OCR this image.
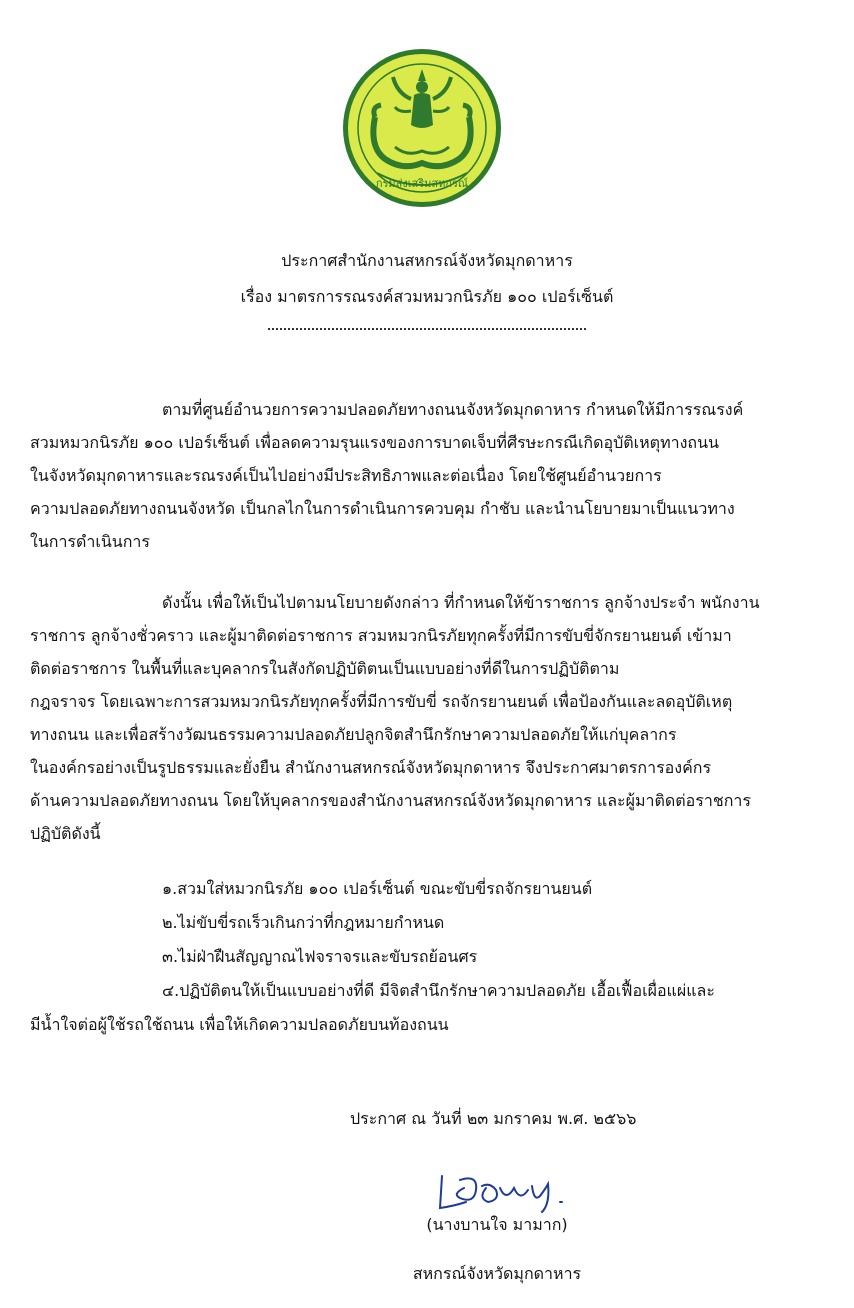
กรมส่งเสริมสหกรณ์
ประกาศสำนักงานสหกรณ์จังหวัดมุกดาหาร
เรื่อง มาตรการรณรงค์สวมหมวกนิรภัย ๑๐๐ เปอร์เซ็นต์
ตามที่ศูนย์อำนวยการความปลอดภัยทางถนนจังหวัดมุกดาหาร กำหนดให้มีการรณรงค์
สวมหมวกนิรภัย ๑๐๐ เปอร์เซ็นต์ เพื่อลดความรุนแรงของการบาดเจ็บที่ศีรษะกรณีเกิดอุบัติเหตุทางถนน
ในจังหวัดมุกดาหารและรณรงค์เป็นไปอย่างมีประสิทธิภาพและต่อเนื่อง โดยใช้ศูนย์อำนวยการ
ความปลอดภัยทางถนนจังหวัด เป็นกลไกในการดำเนินการควบคุม กำชับ และนำนโยบายมาเป็นแนวทาง
ในการดำเนินการ
ดังนั้น เพื่อให้เป็นไปตามนโยบายดังกล่าว ที่กำหนดให้ข้าราชการ ลูกจ้างประจำ พนักงาน
ราชการ ลูกจ้างชั่วคราว และผู้มาติดต่อราชการ สวมหมวกนิรภัยทุกครั้งที่มีการขับขี่จักรยานยนต์ เข้ามา
ติดต่อราชการ ในพื้นที่และบุคลากรในสังกัดปฏิบัติตนเป็นแบบอย่างที่ดีในการปฏิบัติตาม
กฎจราจร โดยเฉพาะการสวมหมวกนิรภัยทุกครั้งที่มีการขับขี่ รถจักรยานยนต์ เพื่อป้องกันและลดอุบัติเหตุ
ทางถนน และเพื่อสร้างวัฒนธรรมความปลอดภัยปลูกจิตสำนึกรักษาความปลอดภัยให้แก่บุคลากร
ในองค์กรอย่างเป็นรูปธรรมและยั่งยืน สำนักงานสหกรณ์จังหวัดมุกดาหาร จึงประกาศมาตรการองค์กร
ด้านความปลอดภัยทางถนน โดยให้บุคลากรของสำนักงานสหกรณ์จังหวัดมุกดาหาร และผู้มาติดต่อราชการ
ปฏิบัติดังนี้
๑.สวมใส่หมวกนิรภัย ๑๐๐ เปอร์เซ็นต์ ขณะขับขี่รถจักรยานยนต์
๒.ไม่ขับขี่รถเร็วเกินกว่าที่กฎหมายกำหนด
๓.ไม่ฝ่าฝืนสัญญาณไฟจราจรและขับรถย้อนศร
๔.ปฏิบัติตนให้เป็นแบบอย่างที่ดี มีจิตสำนึกรักษาความปลอดภัย เอื้อเฟื้อเผื่อแผ่และ
มีน้ำใจต่อผู้ใช้รถใช้ถนน เพื่อให้เกิดความปลอดภัยบนท้องถนน
ประกาศ ณ วันที่ ๒๓ มกราคม พ.ศ. ๒๕๖๖
(นางบานใจ มามาก)
สหกรณ์จังหวัดมุกดาหาร
